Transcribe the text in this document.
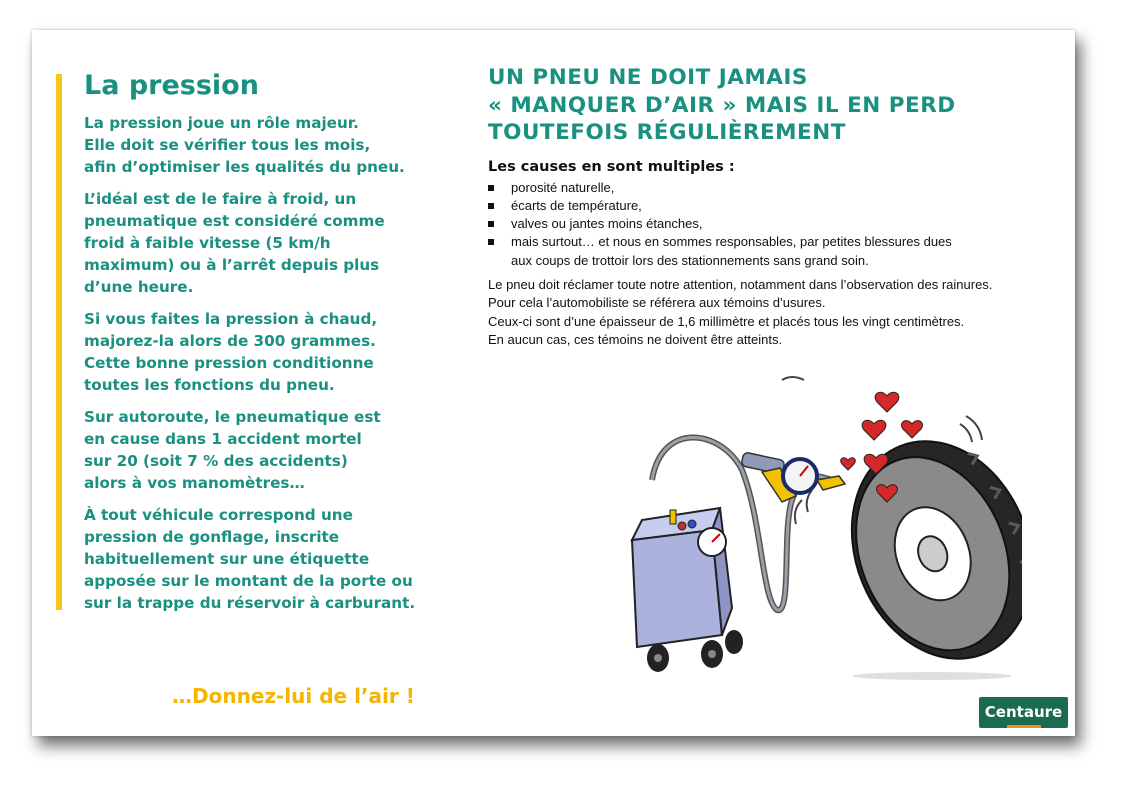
La pression
La pression joue un rôle majeur.
Elle doit se vérifier tous les mois,
afin d’optimiser les qualités du pneu.
L’idéal est de le faire à froid, un
pneumatique est considéré comme
froid à faible vitesse (5 km/h
maximum) ou à l’arrêt depuis plus
d’une heure.
Si vous faites la pression à chaud,
majorez-la alors de 300 grammes.
Cette bonne pression conditionne
toutes les fonctions du pneu.
Sur autoroute, le pneumatique est
en cause dans 1 accident mortel
sur 20 (soit 7 % des accidents)
alors à vos manomètres…
À tout véhicule correspond une
pression de gonflage, inscrite
habituellement sur une étiquette
apposée sur le montant de la porte ou
sur la trappe du réservoir à carburant.
…Donnez-lui de l’air !
UN PNEU NE DOIT JAMAIS
« MANQUER D’AIR » MAIS IL EN PERD
TOUTEFOIS RÉGULIÈREMENT
Les causes en sont multiples :
porosité naturelle,
écarts de température,
valves ou jantes moins étanches,
mais surtout… et nous en sommes responsables, par petites blessures dues
aux coups de trottoir lors des stationnements sans grand soin.
Le pneu doit réclamer toute notre attention, notamment dans l’observation des rainures.
Pour cela l’automobiliste se référera aux témoins d’usures.
Ceux-ci sont d’une épaisseur de 1,6 millimètre et placés tous les vingt centimètres.
En aucun cas, ces témoins ne doivent être atteints.
Centaure
